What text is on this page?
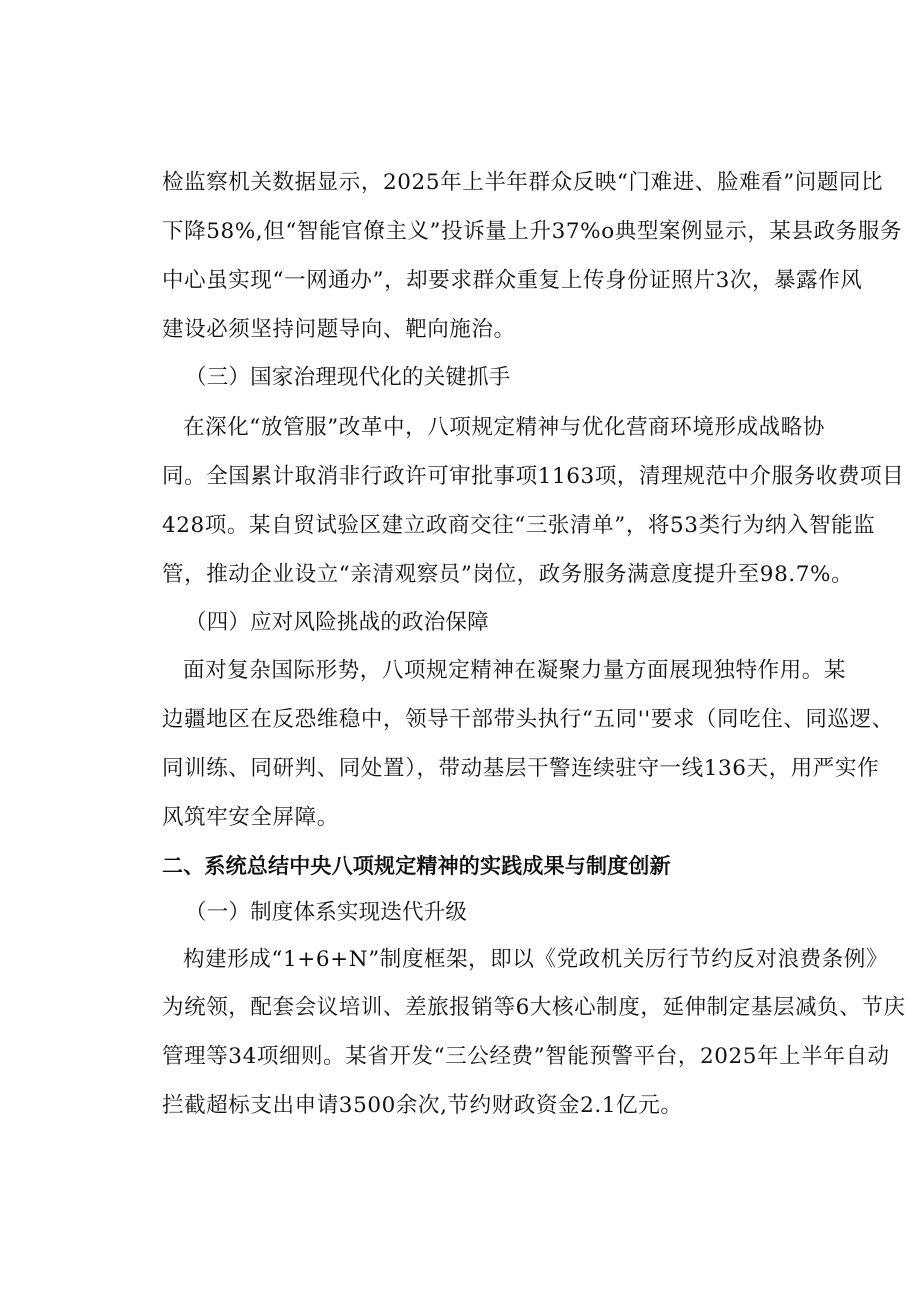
检监察机关数据显示，2025年上半年群众反映“门难进、脸难看”问题同比
下降58%,但“智能官僚主义”投诉量上升37%o典型案例显示，某县政务服务
中心虽实现“一网通办”，却要求群众重复上传身份证照片3次，暴露作风
建设必须坚持问题导向、靶向施治。
（三）国家治理现代化的关键抓手
在深化“放管服”改革中，八项规定精神与优化营商环境形成战略协
同。全国累计取消非行政许可审批事项1163项，清理规范中介服务收费项目
428项。某自贸试验区建立政商交往“三张清单”，将53类行为纳入智能监
管，推动企业设立“亲清观察员”岗位，政务服务满意度提升至98.7%。
（四）应对风险挑战的政治保障
面对复杂国际形势，八项规定精神在凝聚力量方面展现独特作用。某
边疆地区在反恐维稳中，领导干部带头执行“五同''要求（同吃住、同巡逻、
同训练、同研判、同处置），带动基层干警连续驻守一线136天，用严实作
风筑牢安全屏障。
二、系统总结中央八项规定精神的实践成果与制度创新
（一）制度体系实现迭代升级
构建形成“1+6+N”制度框架，即以《党政机关厉行节约反对浪费条例》
为统领，配套会议培训、差旅报销等6大核心制度，延伸制定基层减负、节庆
管理等34项细则。某省开发“三公经费”智能预警平台，2025年上半年自动
拦截超标支出申请3500余次,节约财政资金2.1亿元。
